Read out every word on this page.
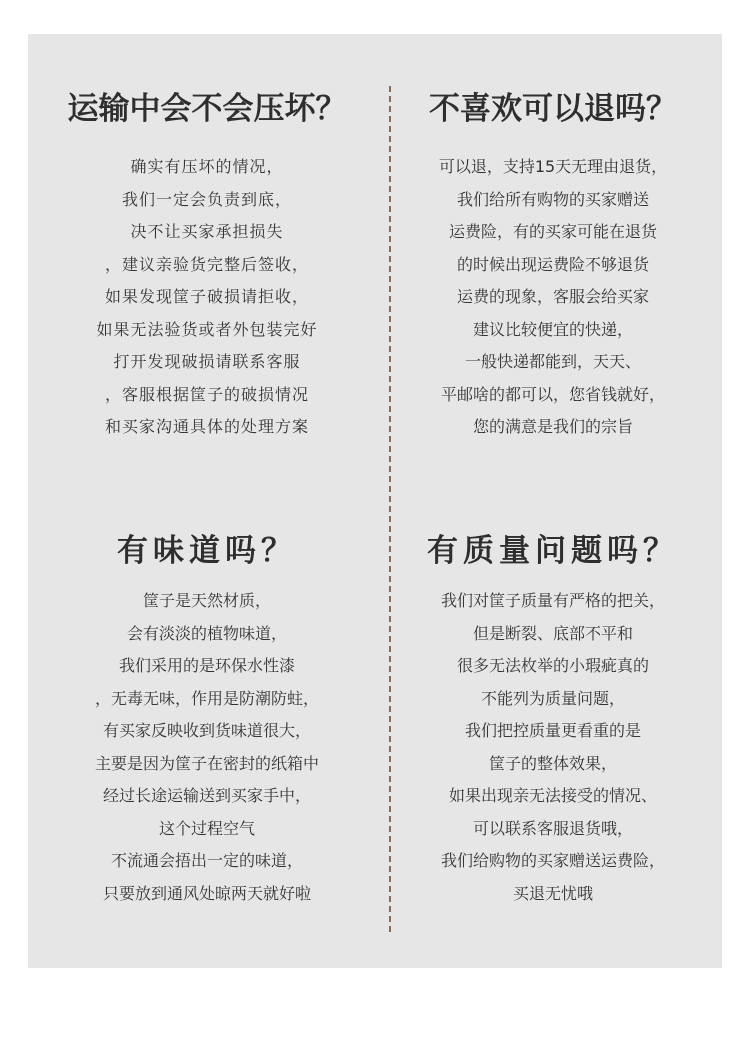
运输中会不会压坏？
确实有压坏的情况，
我们一定会负责到底，
决不让买家承担损失
，建议亲验货完整后签收，
如果发现筐子破损请拒收，
如果无法验货或者外包装完好
打开发现破损请联系客服
，客服根据筐子的破损情况
和买家沟通具体的处理方案
不喜欢可以退吗？
可以退，支持15天无理由退货，
我们给所有购物的买家赠送
运费险，有的买家可能在退货
的时候出现运费险不够退货
运费的现象，客服会给买家
建议比较便宜的快递，
一般快递都能到，天天、
平邮啥的都可以，您省钱就好，
您的满意是我们的宗旨
有味道吗？
筐子是天然材质，
会有淡淡的植物味道，
我们采用的是环保水性漆
，无毒无味，作用是防潮防蛀，
有买家反映收到货味道很大，
主要是因为筐子在密封的纸箱中
经过长途运输送到买家手中，
这个过程空气
不流通会捂出一定的味道，
只要放到通风处晾两天就好啦
有质量问题吗？
我们对筐子质量有严格的把关，
但是断裂、底部不平和
很多无法枚举的小瑕疵真的
不能列为质量问题，
我们把控质量更看重的是
筐子的整体效果，
如果出现亲无法接受的情况、
可以联系客服退货哦，
我们给购物的买家赠送运费险，
买退无忧哦
